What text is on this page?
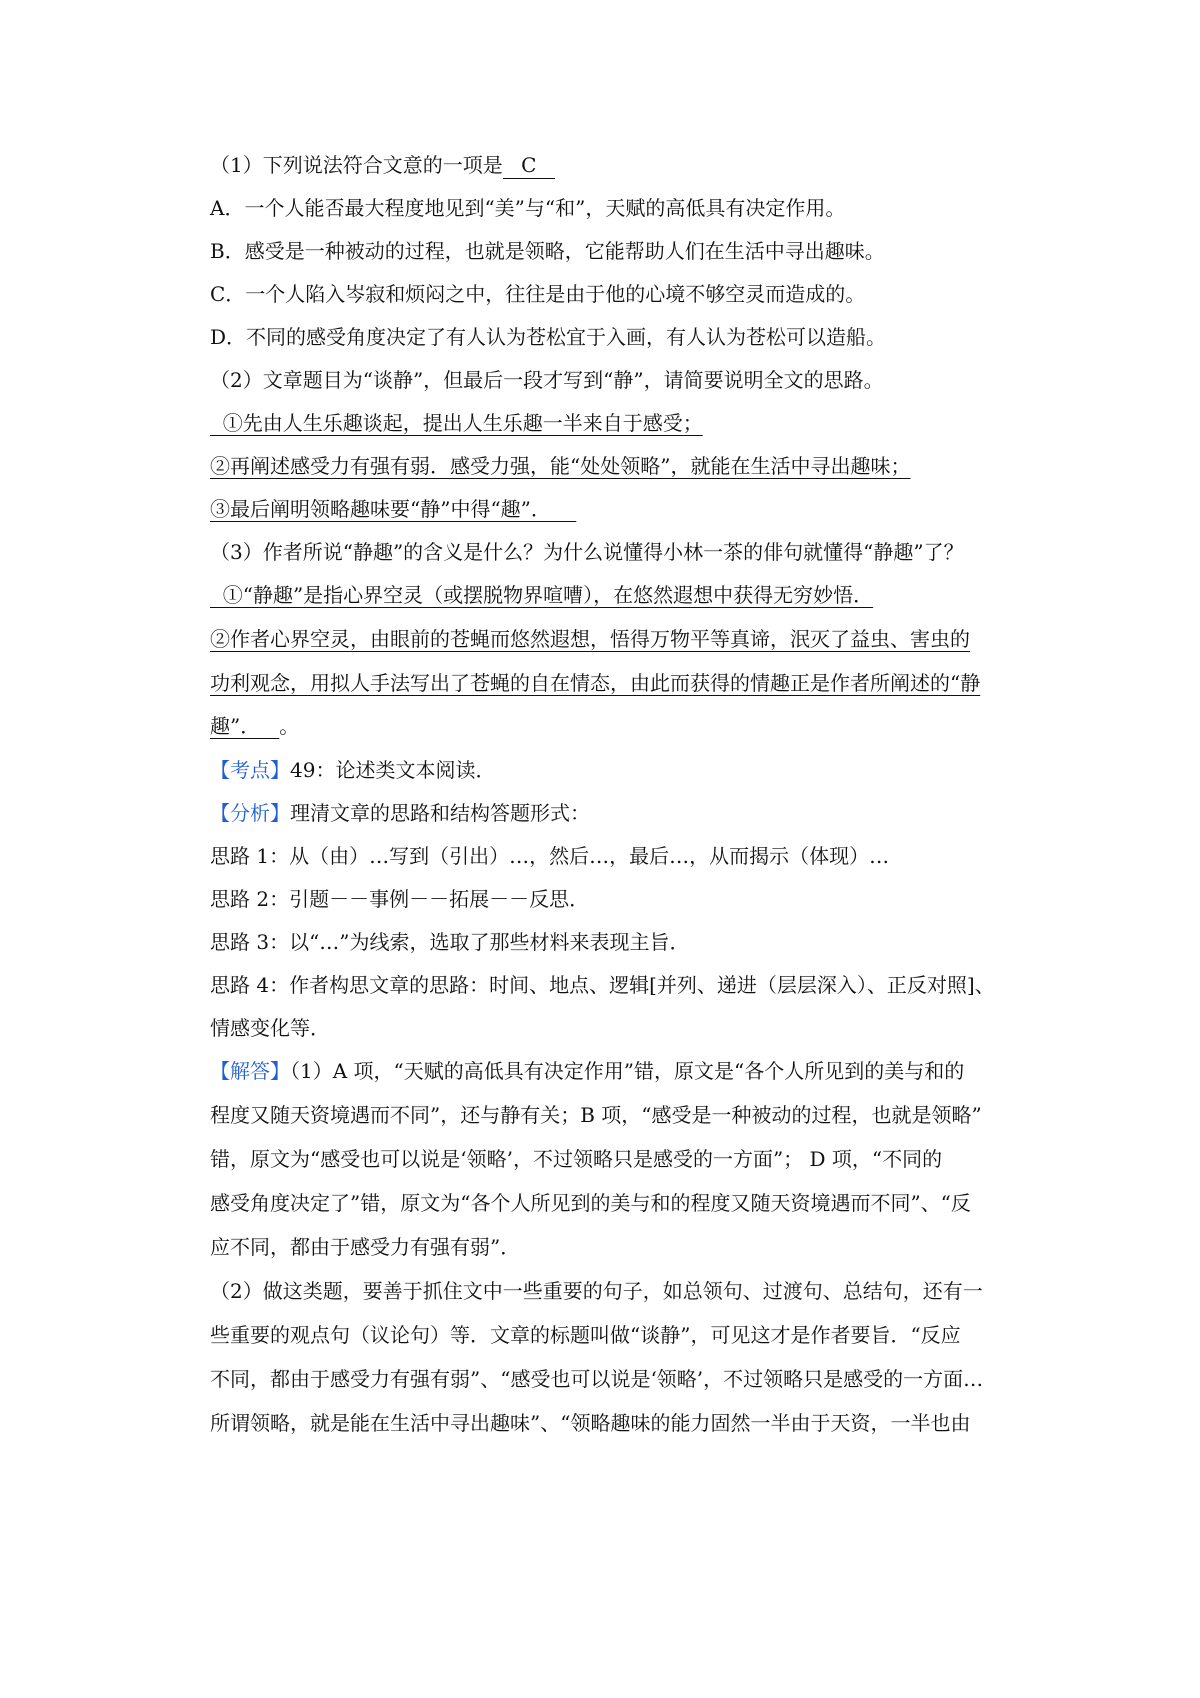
（1）下列说法符合文意的一项是 C
A．一个人能否最大程度地见到“美”与“和”，天赋的高低具有决定作用。
B．感受是一种被动的过程，也就是领略，它能帮助人们在生活中寻出趣味。
C．一个人陷入岑寂和烦闷之中，往往是由于他的心境不够空灵而造成的。
D．不同的感受角度决定了有人认为苍松宜于入画，有人认为苍松可以造船。
（2）文章题目为“谈静”，但最后一段才写到“静”，请简要说明全文的思路。
①先由人生乐趣谈起，提出人生乐趣一半来自于感受；
②再阐述感受力有强有弱．感受力强，能“处处领略”，就能在生活中寻出趣味；
③最后阐明领略趣味要“静”中得“趣”．
（3）作者所说“静趣”的含义是什么？为什么说懂得小林一茶的俳句就懂得“静趣”了？
①“静趣”是指心界空灵（或摆脱物界喧嘈），在悠然遐想中获得无穷妙悟．
②作者心界空灵，由眼前的苍蝇而悠然遐想，悟得万物平等真谛，泯灭了益虫、害虫的
功利观念，用拟人手法写出了苍蝇的自在情态，由此而获得的情趣正是作者所阐述的“静
趣”．   。
【考点】49：论述类文本阅读．
【分析】理清文章的思路和结构答题形式：
思路 1：从（由）…写到（引出）…，然后…，最后…，从而揭示（体现）…
思路 2：引题－－事例－－拓展－－反思．
思路 3：以“…”为线索，选取了那些材料来表现主旨．
思路 4：作者构思文章的思路：时间、地点、逻辑[并列、递进（层层深入）、正反对照]、
情感变化等．
【解答】（1）A 项，“天赋的高低具有决定作用”错，原文是“各个人所见到的美与和的
程度又随天资境遇而不同”，还与静有关；B 项，“感受是一种被动的过程，也就是领略”
错，原文为“感受也可以说是‘领略’，不过领略只是感受的一方面”； D 项，“不同的
感受角度决定了”错，原文为“各个人所见到的美与和的程度又随天资境遇而不同”、“反
应不同，都由于感受力有强有弱”．
（2）做这类题，要善于抓住文中一些重要的句子，如总领句、过渡句、总结句，还有一
些重要的观点句（议论句）等．文章的标题叫做“谈静”，可见这才是作者要旨．“反应
不同，都由于感受力有强有弱”、“感受也可以说是‘领略’，不过领略只是感受的一方面…
所谓领略，就是能在生活中寻出趣味”、“领略趣味的能力固然一半由于天资，一半也由
